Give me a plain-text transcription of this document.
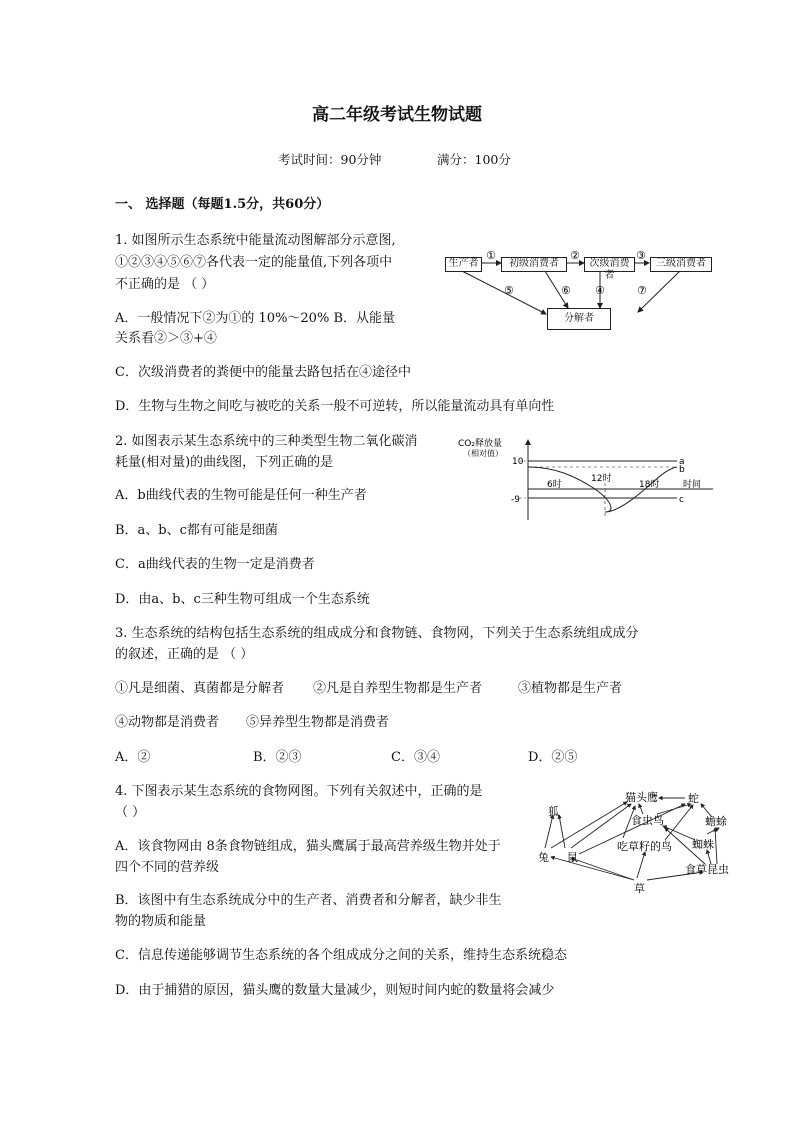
高二年级考试生物试题
考试时间：90分钟	满分：100分
一、 选择题（每题1.5分，共60分）
1. 如图所示生态系统中能量流动图解部分示意图,
①②③④⑤⑥⑦各代表一定的能量值,下列各项中
不正确的是 （ ）
A．一般情况下②为①的 10%～20% B．从能量
关系看②＞③+④
C．次级消费者的粪便中的能量去路包括在④途径中
D．生物与生物之间吃与被吃的关系一般不可逆转，所以能量流动具有单向性
①	②	③
⑤	⑥ ④	⑦
生产者	初级消费者	次级消费者
三级消费者
分解者
2. 如图表示某生态系统中的三种类型生物二氧化碳消
耗量(相对量)的曲线图，下列正确的是
A．b曲线代表的生物可能是任何一种生产者
B．a、b、c都有可能是细菌
C．a曲线代表的生物一定是消费者
D．由a、b、c三种生物可组成一个生态系统
CO₂释放量
（相对值）
10
-9
12时
6时	18时	时间
a
b
c
3. 生态系统的结构包括生态系统的组成成分和食物链、食物网，下列关于生态系统组成成分
的叙述，正确的是 （ ）
①凡是细菌、真菌都是分解者 ②凡是自养型生物都是生产者	③植物都是生产者
④动物都是消费者 ⑤异养型生物都是消费者
A．②	B．②③	C．③④	D．②⑤
4. 下图表示某生态系统的食物网图。下列有关叙述中，正确的是
（ ）
A．该食物网由 8条食物链组成，猫头鹰属于最高营养级生物并处于
四个不同的营养级
B．该图中有生态系统成分中的生产者、消费者和分解者，缺少非生
物的物质和能量
C．信息传递能够调节生态系统的各个组成成分之间的关系，维持生态系统稳态
D．由于捕猎的原因，猫头鹰的数量大量减少，则短时间内蛇的数量将会减少
狐
猫头鹰	蛇
食虫鸟	蟾蜍
兔 鼠
吃草籽的鸟 蜘蛛
草
食草昆虫
